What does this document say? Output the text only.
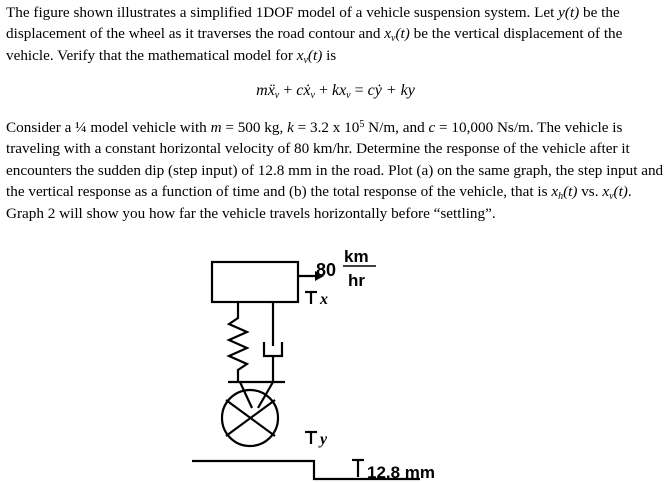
The figure shown illustrates a simplified 1DOF model of a vehicle suspension system. Let y(t) be the displacement of the wheel as it traverses the road contour and $x_v(t)$ be the vertical displacement of the vehicle. Verify that the mathematical model for $x_v(t)$ is

mẍ$_v$ + cẋ$_v$ + $kx_v$ = cẏ + ky

Consider a ¼ model vehicle with m = 500 kg, k = 3.2 x $10^5$ N/m, and c = 10,000 Ns/m. The vehicle is traveling with a constant horizontal velocity of 80 km/hr. Determine the response of the vehicle after it encounters the sudden dip (step input) of 12.8 mm in the road. Plot (a) on the same graph, the step input and the vertical response as a function of time and (b) the total response of the vehicle, that is $x_h(t)$ vs. $x_v(t)$. Graph 2 will show you how far the vehicle travels horizontally before “settling”.

80
km
hr
x
y
12.8 mm
